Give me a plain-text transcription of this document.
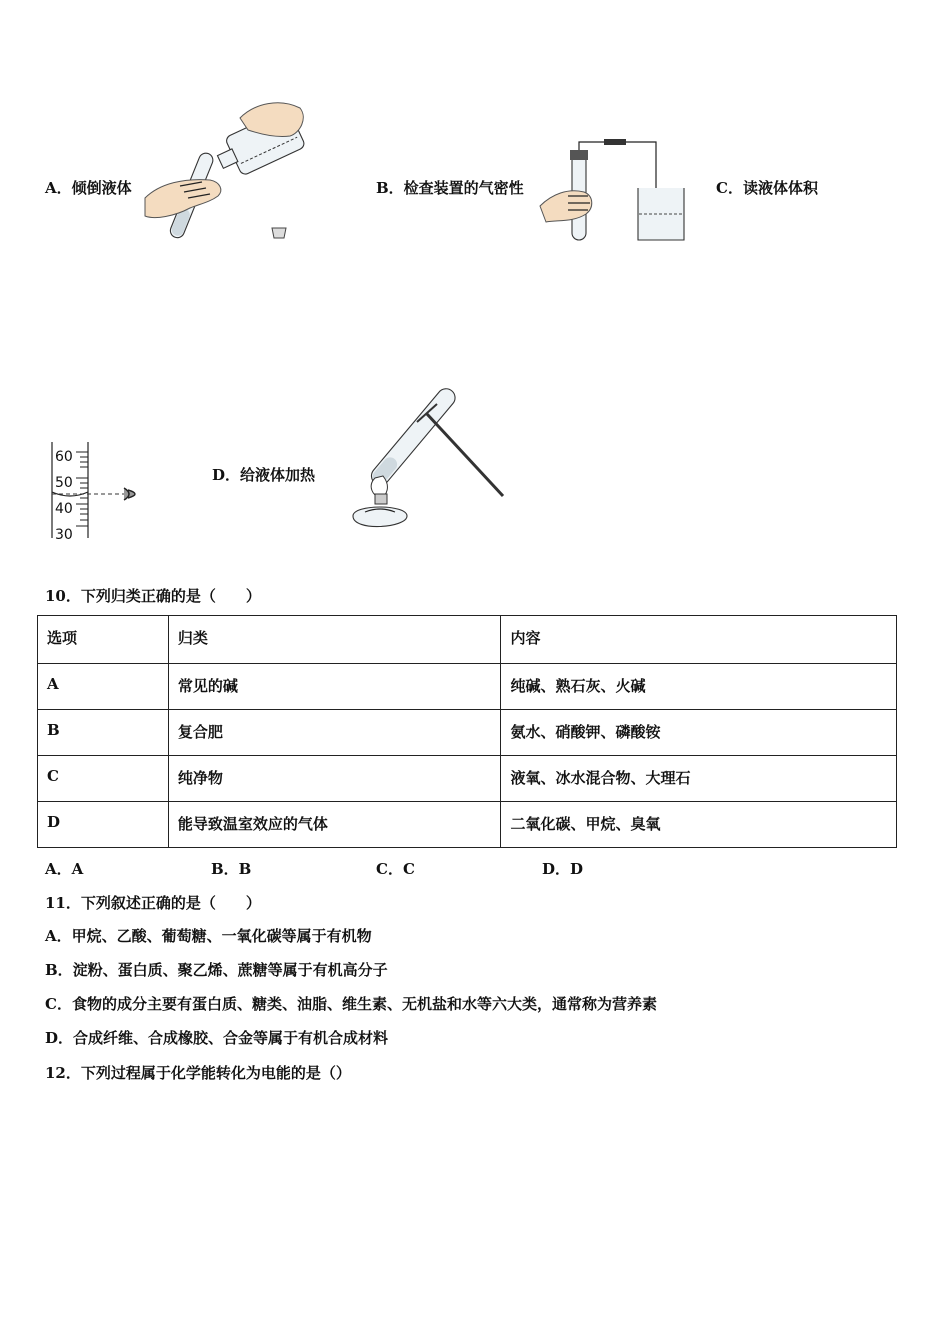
A．倾倒液体	B．检查装置的气密性	C．读液体体积
60
50
40
30
D．给液体加热
10．下列归类正确的是（　　）
选项	归类	内容
A	常见的碱	纯碱、熟石灰、火碱
B	复合肥	氨水、硝酸钾、磷酸铵
C	纯净物	液氧、冰水混合物、大理石
D	能导致温室效应的气体	二氧化碳、甲烷、臭氧
A．A	B．B	C．C	D．D
11．下列叙述正确的是（　　）
A．甲烷、乙酸、葡萄糖、一氧化碳等属于有机物
B．淀粉、蛋白质、聚乙烯、蔗糖等属于有机高分子
C．食物的成分主要有蛋白质、糖类、油脂、维生素、无机盐和水等六大类，通常称为营养素
D．合成纤维、合成橡胶、合金等属于有机合成材料
12．下列过程属于化学能转化为电能的是（）
